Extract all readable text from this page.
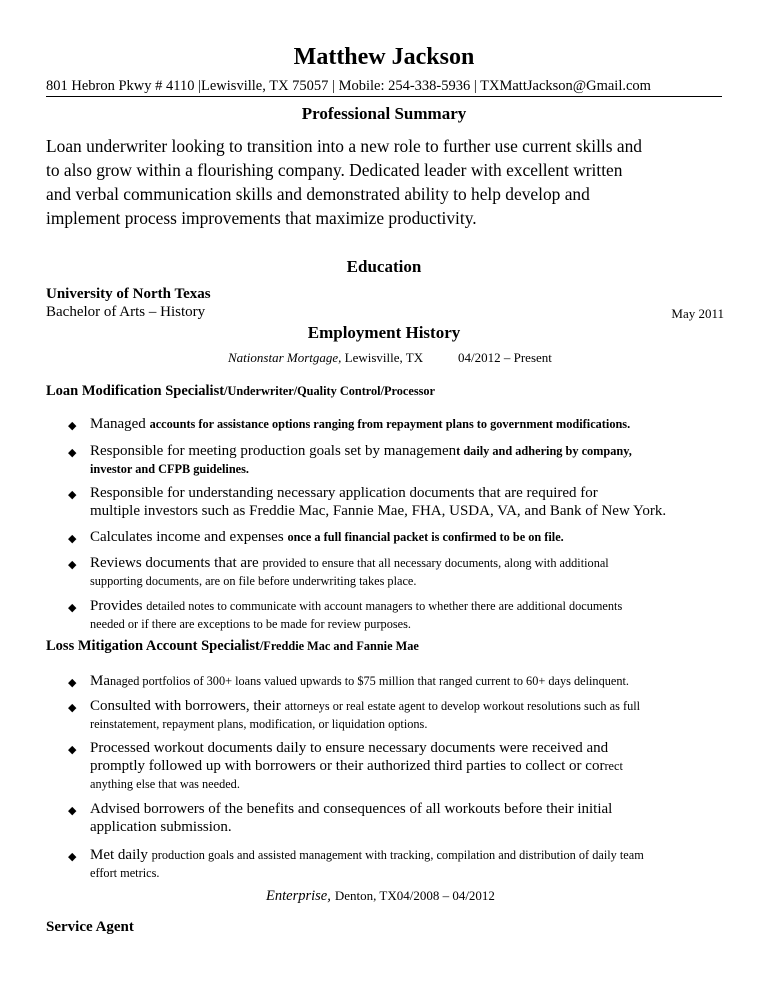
Matthew Jackson
801 Hebron Pkwy # 4110 |Lewisville, TX 75057 | Mobile: 254-338-5936 | TXMattJackson@Gmail.com
Professional Summary
Loan underwriter looking to transition into a new role to further use current skills and
to also grow within a flourishing company. Dedicated leader with excellent written
and verbal communication skills and demonstrated ability to help develop and
implement process improvements that maximize productivity.
Education
University of North Texas
Bachelor of Arts – History	May 2011
Employment History
Nationstar Mortgage, Lewisville, TX	04/2012 – Present
Loan Modification Specialist/Underwriter/Quality Control/Processor
◆ Managed accounts for assistance options ranging from repayment plans to government modifications.
◆ Responsible for meeting production goals set by management daily and adhering by company,
investor and CFPB guidelines.
◆ Responsible for understanding necessary application documents that are required for
multiple investors such as Freddie Mac, Fannie Mae, FHA, USDA, VA, and Bank of New York.
◆ Calculates income and expenses once a full financial packet is confirmed to be on file.
◆ Reviews documents that are provided to ensure that all necessary documents, along with additional
supporting documents, are on file before underwriting takes place.
◆ Provides detailed notes to communicate with account managers to whether there are additional documents
needed or if there are exceptions to be made for review purposes.
Loss Mitigation Account Specialist/Freddie Mac and Fannie Mae
◆ Managed portfolios of 300+ loans valued upwards to $75 million that ranged current to 60+ days delinquent.
◆ Consulted with borrowers, their attorneys or real estate agent to develop workout resolutions such as full
reinstatement, repayment plans, modification, or liquidation options.
◆ Processed workout documents daily to ensure necessary documents were received and
promptly followed up with borrowers or their authorized third parties to collect or correct
anything else that was needed.
◆ Advised borrowers of the benefits and consequences of all workouts before their initial
application submission.
◆ Met daily production goals and assisted management with tracking, compilation and distribution of daily team
effort metrics.
Enterprise, Denton, TX04/2008 – 04/2012
Service Agent
